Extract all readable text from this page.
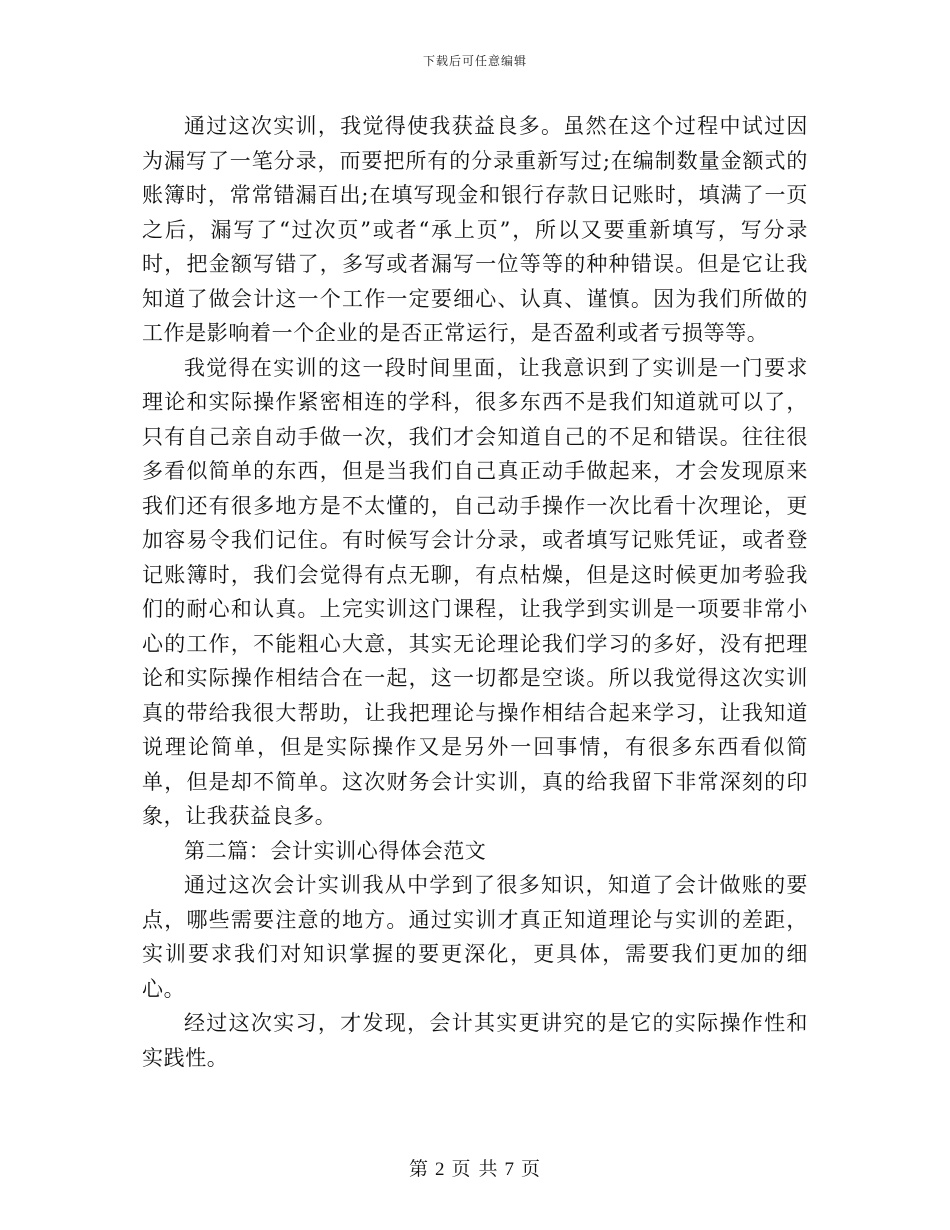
下载后可任意编辑

通过这次实训，我觉得使我获益良多。虽然在这个过程中试过因为漏写了一笔分录，而要把所有的分录重新写过;在编制数量金额式的账簿时，常常错漏百出;在填写现金和银行存款日记账时，填满了一页之后，漏写了“过次页”或者“承上页”，所以又要重新填写，写分录时，把金额写错了，多写或者漏写一位等等的种种错误。但是它让我知道了做会计这一个工作一定要细心、认真、谨慎。因为我们所做的工作是影响着一个企业的是否正常运行，是否盈利或者亏损等等。

我觉得在实训的这一段时间里面，让我意识到了实训是一门要求理论和实际操作紧密相连的学科，很多东西不是我们知道就可以了，只有自己亲自动手做一次，我们才会知道自己的不足和错误。往往很多看似简单的东西，但是当我们自己真正动手做起来，才会发现原来我们还有很多地方是不太懂的，自己动手操作一次比看十次理论，更加容易令我们记住。有时候写会计分录，或者填写记账凭证，或者登记账簿时，我们会觉得有点无聊，有点枯燥，但是这时候更加考验我们的耐心和认真。上完实训这门课程，让我学到实训是一项要非常小心的工作，不能粗心大意，其实无论理论我们学习的多好，没有把理论和实际操作相结合在一起，这一切都是空谈。所以我觉得这次实训真的带给我很大帮助，让我把理论与操作相结合起来学习，让我知道说理论简单，但是实际操作又是另外一回事情，有很多东西看似简单，但是却不简单。这次财务会计实训，真的给我留下非常深刻的印象，让我获益良多。

第二篇：会计实训心得体会范文

通过这次会计实训我从中学到了很多知识，知道了会计做账的要点，哪些需要注意的地方。通过实训才真正知道理论与实训的差距，实训要求我们对知识掌握的要更深化，更具体，需要我们更加的细心。

经过这次实习，才发现，会计其实更讲究的是它的实际操作性和实践性。

第 2 页 共 7 页
